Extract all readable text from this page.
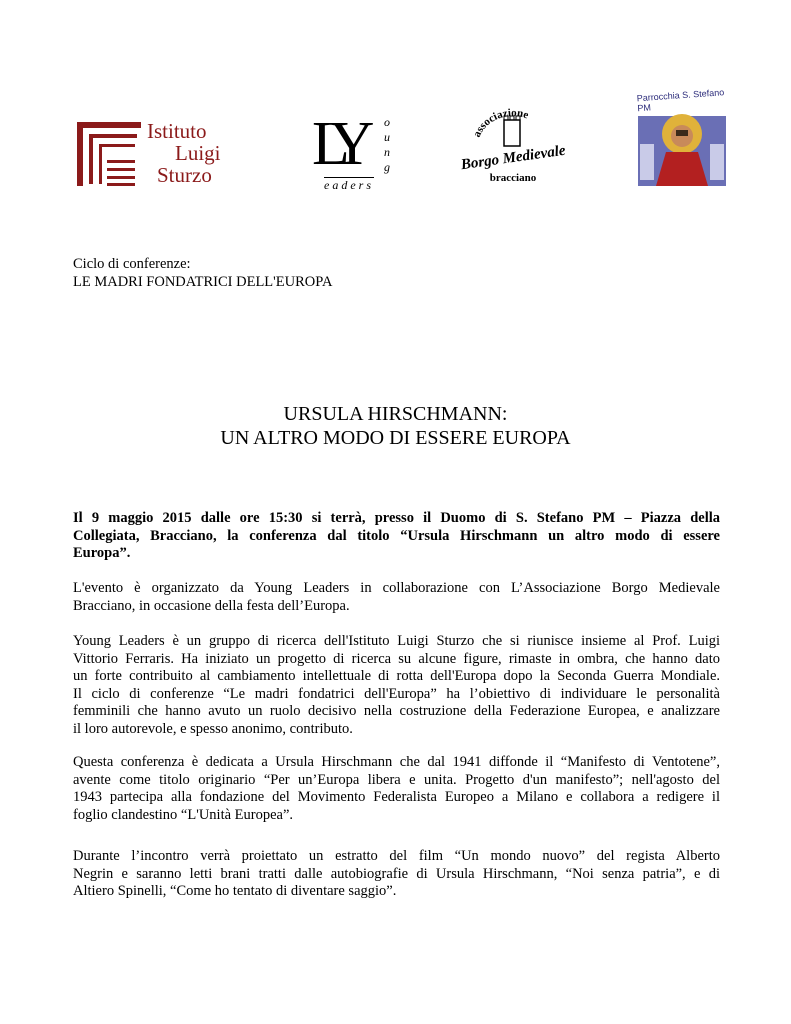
Istituto
Luigi
Sturzo LY o
u
n
g
eaders
associazione
Borgo Medievale
bracciano
Parrocchia S. Stefano PM
Ciclo di conferenze:
LE MADRI FONDATRICI DELL'EUROPA
URSULA HIRSCHMANN:
UN ALTRO MODO DI ESSERE EUROPA
Il 9 maggio 2015 dalle ore 15:30 si terrà, presso il Duomo di S. Stefano PM – Piazza della
Collegiata, Bracciano, la conferenza dal titolo “Ursula Hirschmann un altro modo di essere
Europa”.
L'evento è organizzato da Young Leaders in collaborazione con L’Associazione Borgo Medievale
Bracciano, in occasione della festa dell’Europa.
Young Leaders è un gruppo di ricerca dell'Istituto Luigi Sturzo che si riunisce insieme al Prof. Luigi
Vittorio Ferraris. Ha iniziato un progetto di ricerca su alcune figure, rimaste in ombra, che hanno dato
un forte contribuito al cambiamento intellettuale di rotta dell'Europa dopo la Seconda Guerra Mondiale.
Il ciclo di conferenze “Le madri fondatrici dell'Europa” ha l’obiettivo di individuare le personalità
femminili che hanno avuto un ruolo decisivo nella costruzione della Federazione Europea, e analizzare
il loro autorevole, e spesso anonimo, contributo.
Questa conferenza è dedicata a Ursula Hirschmann che dal 1941 diffonde il “Manifesto di Ventotene”,
avente come titolo originario “Per un’Europa libera e unita. Progetto d'un manifesto”; nell'agosto del
1943 partecipa alla fondazione del Movimento Federalista Europeo a Milano e collabora a redigere il
foglio clandestino “L'Unità Europea”.
Durante l’incontro verrà proiettato un estratto del film “Un mondo nuovo” del regista Alberto
Negrin e saranno letti brani tratti dalle autobiografie di Ursula Hirschmann, “Noi senza patria”, e di
Altiero Spinelli, “Come ho tentato di diventare saggio”.
